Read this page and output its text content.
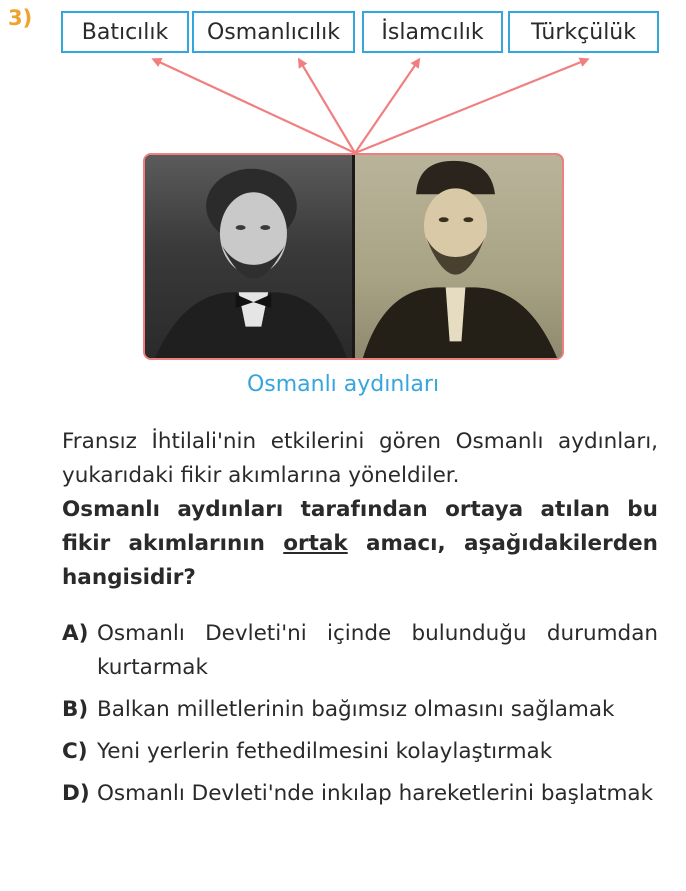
3)
Batıcılık	Osmanlıcılık	İslamcılık	Türkçülük
Osmanlı aydınları
Fransız İhtilali'nin etkilerini gören Osmanlı aydınları, yukarıdaki fikir akımlarına yöneldiler.
Osmanlı aydınları tarafından ortaya atılan bu fikir akımlarının ortak amacı, aşağıdakilerden hangisidir?
A) Osmanlı Devleti'ni içinde bulunduğu durumdan kurtarmak
B) Balkan milletlerinin bağımsız olmasını sağlamak
C) Yeni yerlerin fethedilmesini kolaylaştırmak
D) Osmanlı Devleti'nde inkılap hareketlerini başlatmak
